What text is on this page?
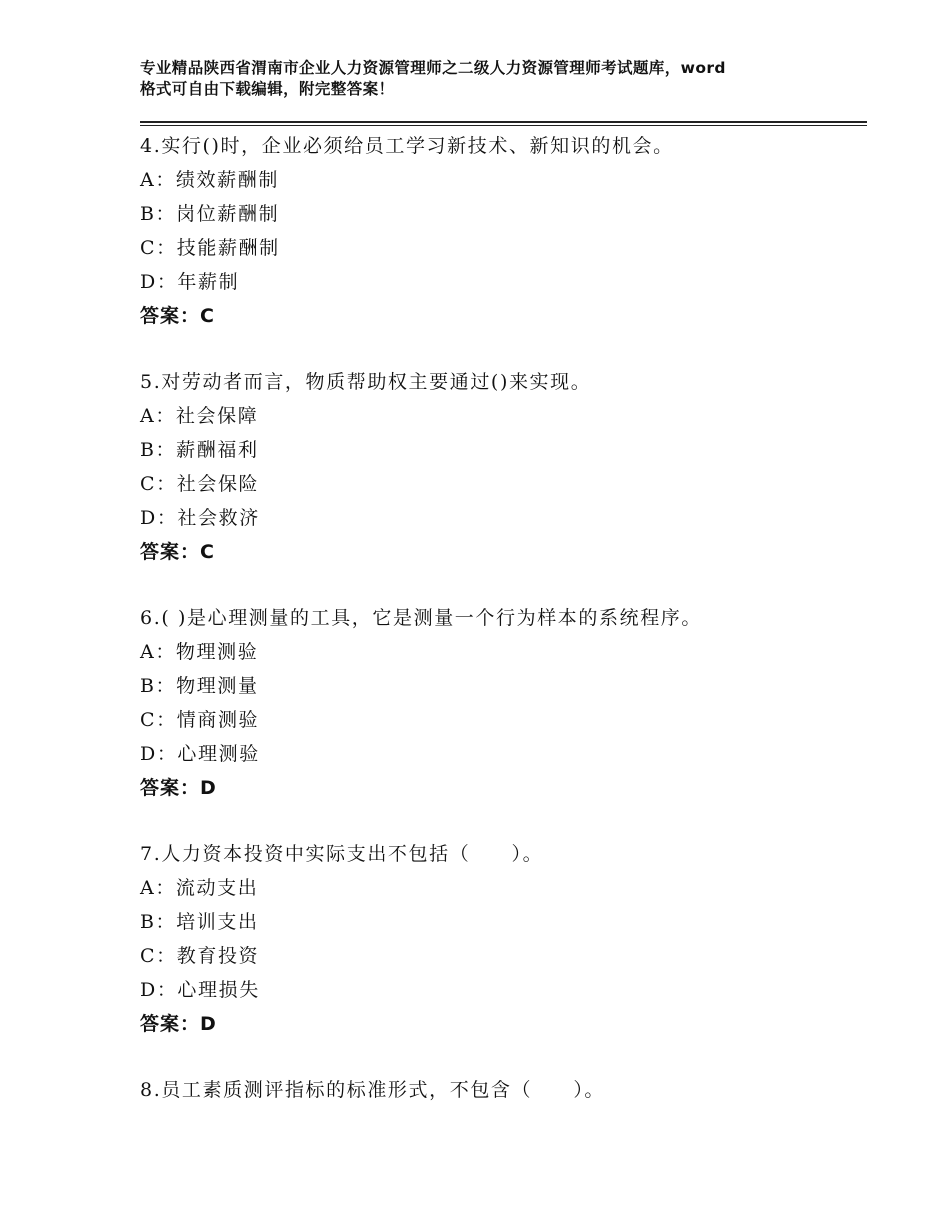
专业精品陕西省渭南市企业人力资源管理师之二级人力资源管理师考试题库，word
格式可自由下载编辑，附完整答案！
4.实行()时，企业必须给员工学习新技术、新知识的机会。
A：绩效薪酬制
B：岗位薪酬制
C：技能薪酬制
D：年薪制
答案：C
5.对劳动者而言，物质帮助权主要通过()来实现。
A：社会保障
B：薪酬福利
C：社会保险
D：社会救济
答案：C
6.( )是心理测量的工具，它是测量一个行为样本的系统程序。
A：物理测验
B：物理测量
C：情商测验
D：心理测验
答案：D
7.人力资本投资中实际支出不包括（　　）。
A：流动支出
B：培训支出
C：教育投资
D：心理损失
答案：D
8.员工素质测评指标的标准形式，不包含（　　）。
